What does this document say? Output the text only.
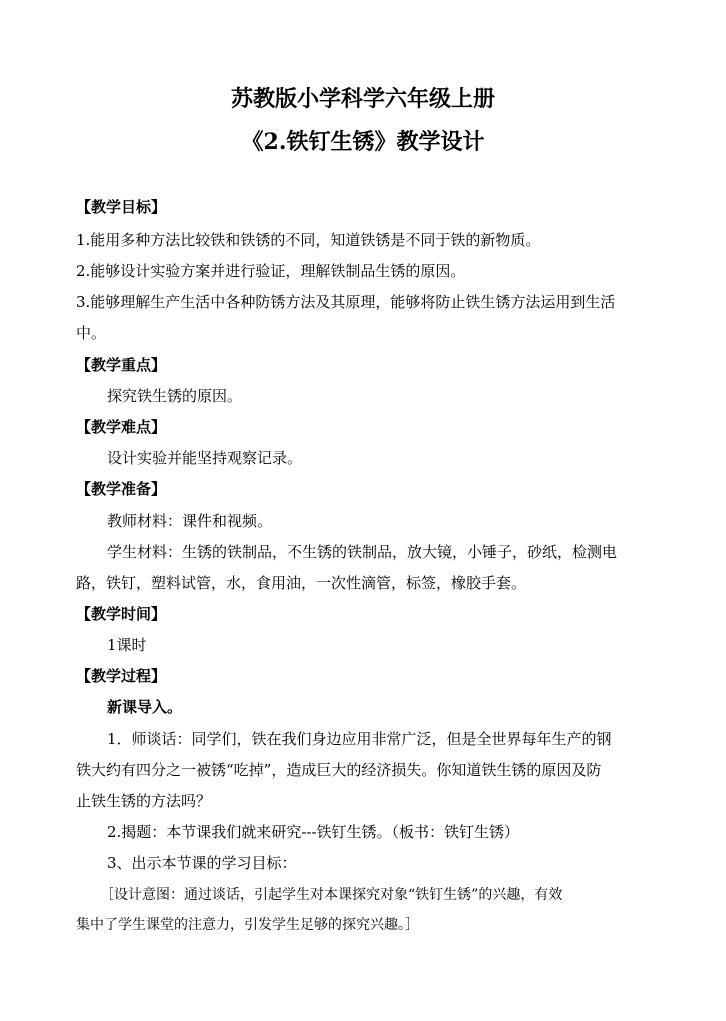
苏教版小学科学六年级上册
《2.铁钉生锈》教学设计
【教学目标】
1.能用多种方法比较铁和铁锈的不同，知道铁锈是不同于铁的新物质。
2.能够设计实验方案并进行验证，理解铁制品生锈的原因。
3.能够理解生产生活中各种防锈方法及其原理，能够将防止铁生锈方法运用到生活
中。
【教学重点】
探究铁生锈的原因。
【教学难点】
设计实验并能坚持观察记录。
【教学准备】
教师材料：课件和视频。
学生材料：生锈的铁制品，不生锈的铁制品，放大镜，小锤子，砂纸，检测电
路，铁钉，塑料试管，水，食用油，一次性滴管，标签，橡胶手套。
【教学时间】
1课时
【教学过程】
新课导入。
1．师谈话：同学们，铁在我们身边应用非常广泛，但是全世界每年生产的钢
铁大约有四分之一被锈“吃掉”，造成巨大的经济损失。你知道铁生锈的原因及防
止铁生锈的方法吗？
2.揭题：本节课我们就来研究---铁钉生锈。（板书：铁钉生锈）
3、出示本节课的学习目标：
［设计意图：通过谈话，引起学生对本课探究对象“铁钉生锈”的兴趣，有效
集中了学生课堂的注意力，引发学生足够的探究兴趣。］
